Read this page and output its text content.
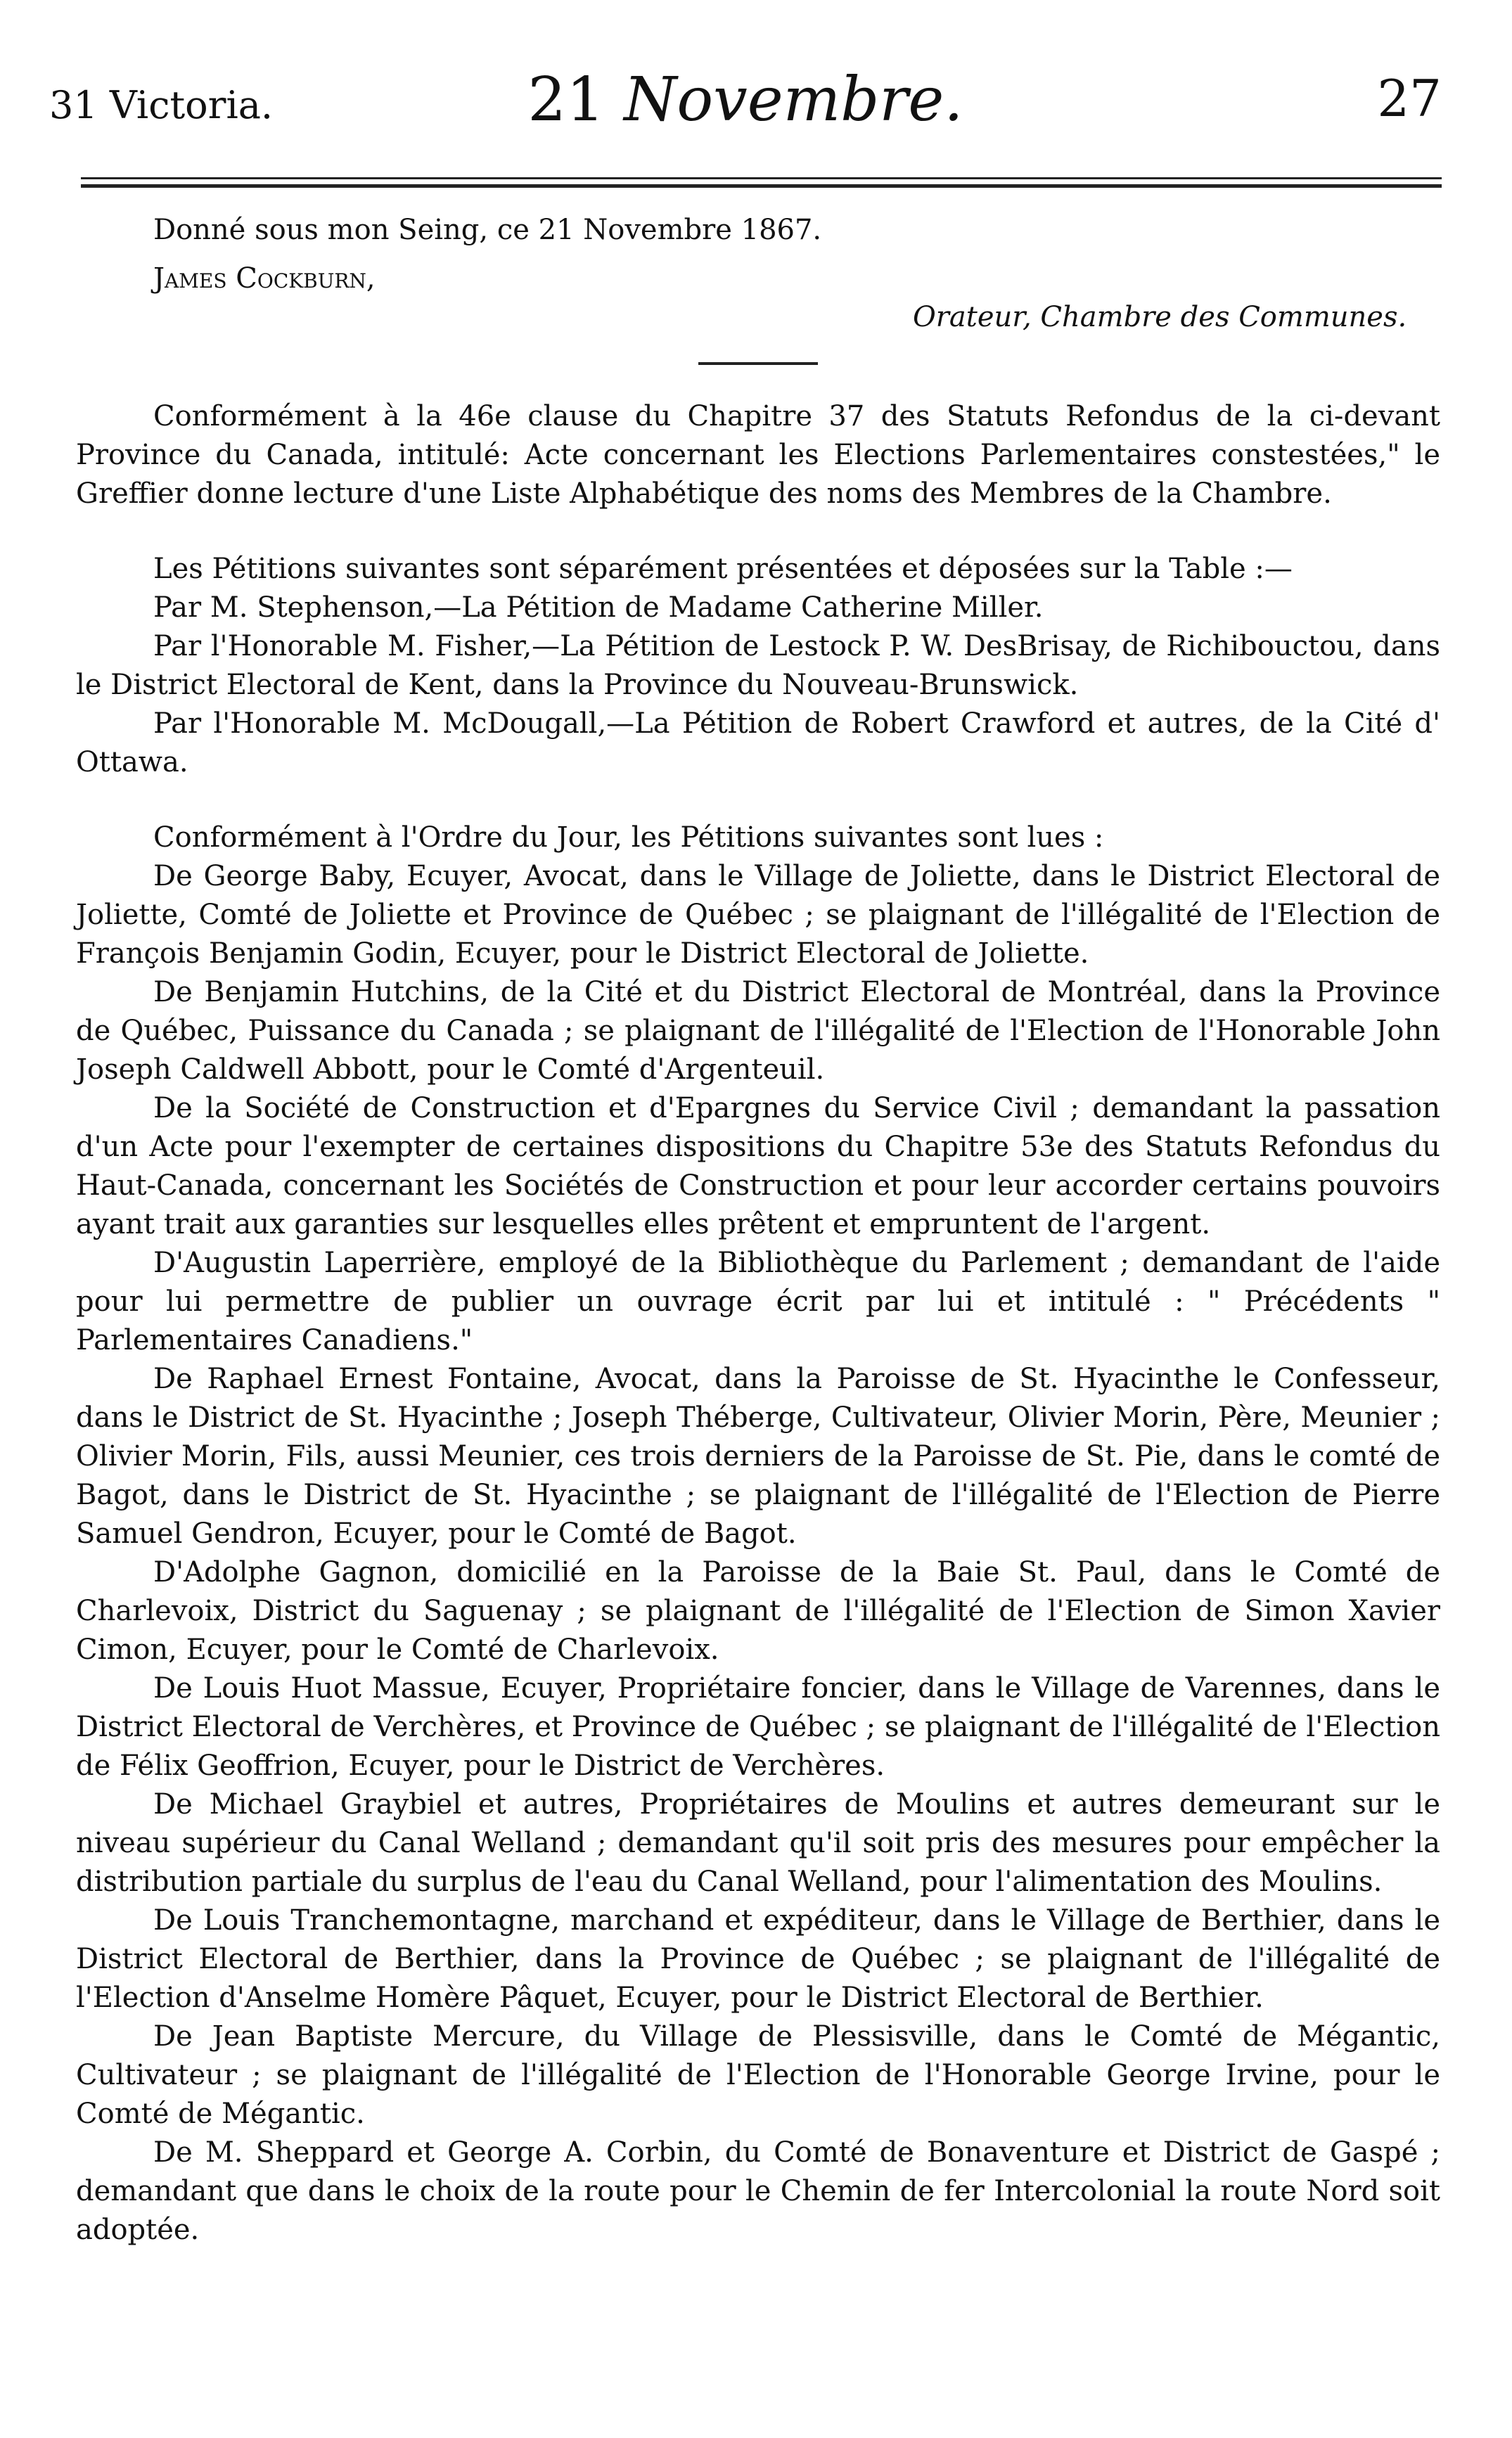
31 Victoria.	21 Novembre.	27

Donné sous mon Seing, ce 21 Novembre 1867.

James Cockburn,

Orateur, Chambre des Communes.

Conformément à la 46e clause du Chapitre 37 des Statuts Refondus de la ci-devant Province du Canada, intitulé: Acte concernant les Elections Parlementaires constestées," le Greffier donne lecture d'une Liste Alphabétique des noms des Membres de la Chambre.

Les Pétitions suivantes sont séparément présentées et déposées sur la Table :—

Par M. Stephenson,—La Pétition de Madame Catherine Miller.

Par l'Honorable M. Fisher,—La Pétition de Lestock P. W. DesBrisay, de Richibouctou, dans le District Electoral de Kent, dans la Province du Nouveau-Brunswick.

Par l'Honorable M. McDougall,—La Pétition de Robert Crawford et autres, de la Cité d' Ottawa.

Conformément à l'Ordre du Jour, les Pétitions suivantes sont lues :

De George Baby, Ecuyer, Avocat, dans le Village de Joliette, dans le District Electoral de Joliette, Comté de Joliette et Province de Québec ; se plaignant de l'illégalité de l'Election de François Benjamin Godin, Ecuyer, pour le District Electoral de Joliette.

De Benjamin Hutchins, de la Cité et du District Electoral de Montréal, dans la Province de Québec, Puissance du Canada ; se plaignant de l'illégalité de l'Election de l'Honorable John Joseph Caldwell Abbott, pour le Comté d'Argenteuil.

De la Société de Construction et d'Epargnes du Service Civil ; demandant la passation d'un Acte pour l'exempter de certaines dispositions du Chapitre 53e des Statuts Refondus du Haut-Canada, concernant les Sociétés de Construction et pour leur accorder certains pouvoirs ayant trait aux garanties sur lesquelles elles prêtent et empruntent de l'argent.

D'Augustin Laperrière, employé de la Bibliothèque du Parlement ; demandant de l'aide pour lui permettre de publier un ouvrage écrit par lui et intitulé : " Précédents " Parlementaires Canadiens."

De Raphael Ernest Fontaine, Avocat, dans la Paroisse de St. Hyacinthe le Confesseur, dans le District de St. Hyacinthe ; Joseph Théberge, Cultivateur, Olivier Morin, Père, Meunier ; Olivier Morin, Fils, aussi Meunier, ces trois derniers de la Paroisse de St. Pie, dans le comté de Bagot, dans le District de St. Hyacinthe ; se plaignant de l'illégalité de l'Election de Pierre Samuel Gendron, Ecuyer, pour le Comté de Bagot.

D'Adolphe Gagnon, domicilié en la Paroisse de la Baie St. Paul, dans le Comté de Charlevoix, District du Saguenay ; se plaignant de l'illégalité de l'Election de Simon Xavier Cimon, Ecuyer, pour le Comté de Charlevoix.

De Louis Huot Massue, Ecuyer, Propriétaire foncier, dans le Village de Varennes, dans le District Electoral de Verchères, et Province de Québec ; se plaignant de l'illégalité de l'Election de Félix Geoffrion, Ecuyer, pour le District de Verchères.

De Michael Graybiel et autres, Propriétaires de Moulins et autres demeurant sur le niveau supérieur du Canal Welland ; demandant qu'il soit pris des mesures pour empêcher la distribution partiale du surplus de l'eau du Canal Welland, pour l'alimentation des Moulins.

De Louis Tranchemontagne, marchand et expéditeur, dans le Village de Berthier, dans le District Electoral de Berthier, dans la Province de Québec ; se plaignant de l'illégalité de l'Election d'Anselme Homère Pâquet, Ecuyer, pour le District Electoral de Berthier.

De Jean Baptiste Mercure, du Village de Plessisville, dans le Comté de Mégantic, Cultivateur ; se plaignant de l'illégalité de l'Election de l'Honorable George Irvine, pour le Comté de Mégantic.

De M. Sheppard et George A. Corbin, du Comté de Bonaventure et District de Gaspé ; demandant que dans le choix de la route pour le Chemin de fer Intercolonial la route Nord soit adoptée.
